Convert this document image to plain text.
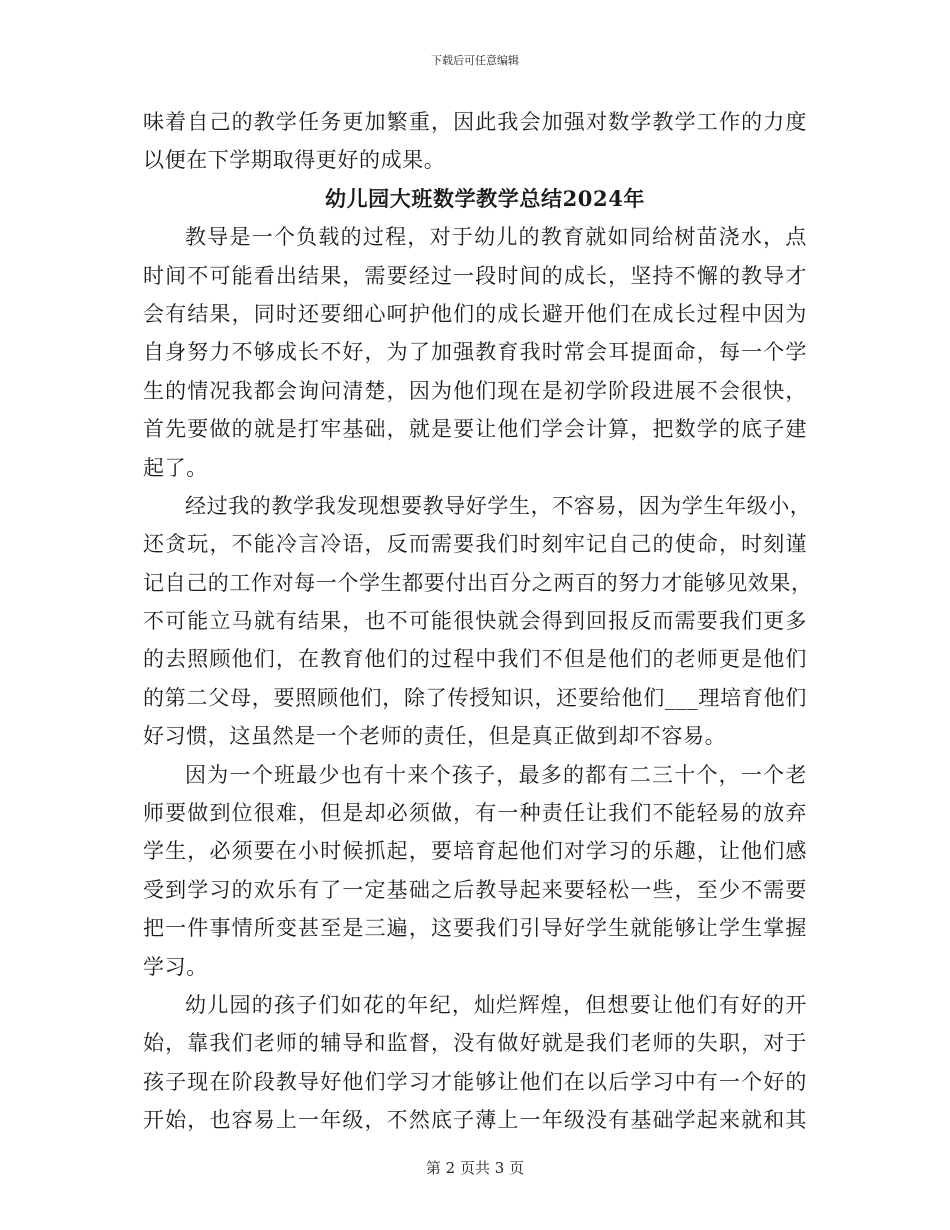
下载后可任意编辑
味着自己的教学任务更加繁重，因此我会加强对数学教学工作的力度
以便在下学期取得更好的成果。
幼儿园大班数学教学总结2024年
教导是一个负载的过程，对于幼儿的教育就如同给树苗浇水，点
时间不可能看出结果，需要经过一段时间的成长，坚持不懈的教导才
会有结果，同时还要细心呵护他们的成长避开他们在成长过程中因为
自身努力不够成长不好，为了加强教育我时常会耳提面命，每一个学
生的情况我都会询问清楚，因为他们现在是初学阶段进展不会很快，
首先要做的就是打牢基础，就是要让他们学会计算，把数学的底子建
起了。
经过我的教学我发现想要教导好学生，不容易，因为学生年级小，
还贪玩，不能冷言冷语，反而需要我们时刻牢记自己的使命，时刻谨
记自己的工作对每一个学生都要付出百分之两百的努力才能够见效果，
不可能立马就有结果，也不可能很快就会得到回报反而需要我们更多
的去照顾他们，在教育他们的过程中我们不但是他们的老师更是他们
的第二父母，要照顾他们，除了传授知识，还要给他们___理培育他们
好习惯，这虽然是一个老师的责任，但是真正做到却不容易。
因为一个班最少也有十来个孩子，最多的都有二三十个，一个老
师要做到位很难，但是却必须做，有一种责任让我们不能轻易的放弃
学生，必须要在小时候抓起，要培育起他们对学习的乐趣，让他们感
受到学习的欢乐有了一定基础之后教导起来要轻松一些，至少不需要
把一件事情所变甚至是三遍，这要我们引导好学生就能够让学生掌握
学习。
幼儿园的孩子们如花的年纪，灿烂辉煌，但想要让他们有好的开
始，靠我们老师的辅导和监督，没有做好就是我们老师的失职，对于
孩子现在阶段教导好他们学习才能够让他们在以后学习中有一个好的
开始，也容易上一年级，不然底子薄上一年级没有基础学起来就和其
第 2 页共 3 页
